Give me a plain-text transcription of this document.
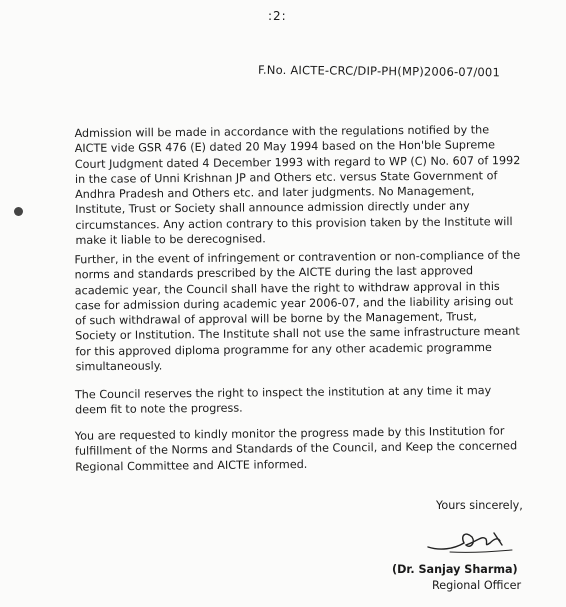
:2:
F.No. AICTE-CRC/DIP-PH(MP)2006-07/001

Admission will be made in accordance with the regulations notified by the AICTE vide GSR 476 (E) dated 20 May 1994 based on the Hon'ble Supreme Court Judgment dated 4 December 1993 with regard to WP (C) No. 607 of 1992 in the case of Unni Krishnan JP and Others etc. versus State Government of Andhra Pradesh and Others etc. and later judgments. No Management, Institute, Trust or Society shall announce admission directly under any circumstances. Any action contrary to this provision taken by the Institute will make it liable to be derecognised.

Further, in the event of infringement or contravention or non-compliance of the norms and standards prescribed by the AICTE during the last approved academic year, the Council shall have the right to withdraw approval in this case for admission during academic year 2006-07, and the liability arising out of such withdrawal of approval will be borne by the Management, Trust, Society or Institution. The Institute shall not use the same infrastructure meant for this approved diploma programme for any other academic programme simultaneously.

The Council reserves the right to inspect the institution at any time it may deem fit to note the progress.

You are requested to kindly monitor the progress made by this Institution for fulfillment of the Norms and Standards of the Council, and Keep the concerned Regional Committee and AICTE informed.

Yours sincerely,
(Dr. Sanjay Sharma)
Regional Officer
